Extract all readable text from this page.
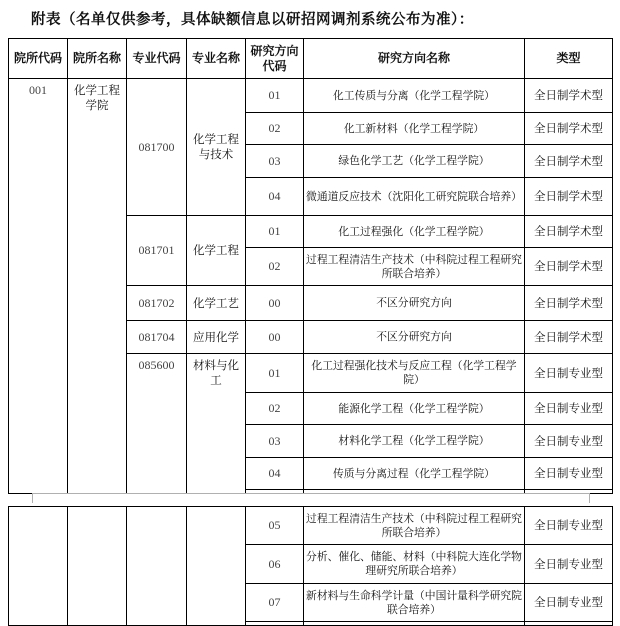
附表（名单仅供参考，具体缺额信息以研招网调剂系统公布为准）：
院所代码	院所名称	专业代码	专业名称	研究方向代码	研究方向名称	类型
001	化学工程学院	081700	化学工程与技术	01	化工传质与分离（化学工程学院）	全日制学术型
				02	化工新材料（化学工程学院）	全日制学术型
				03	绿色化学工艺（化学工程学院）	全日制学术型
				04	微通道反应技术（沈阳化工研究院联合培养）	全日制学术型
		081701	化学工程	01	化工过程强化（化学工程学院）	全日制学术型
				02	过程工程清洁生产技术（中科院过程工程研究所联合培养）	全日制学术型
		081702	化学工艺	00	不区分研究方向	全日制学术型
		081704	应用化学	00	不区分研究方向	全日制学术型
		085600	材料与化工	01	化工过程强化技术与反应工程（化学工程学院）	全日制专业型
				02	能源化学工程（化学工程学院）	全日制专业型
				03	材料化学工程（化学工程学院）	全日制专业型
				04	传质与分离过程（化学工程学院）	全日制专业型

				05	过程工程清洁生产技术（中科院过程工程研究所联合培养）	全日制专业型
				06	分析、催化、储能、材料（中科院大连化学物理研究所联合培养）	全日制专业型
				07	新材料与生命科学计量（中国计量科学研究院联合培养）	全日制专业型
